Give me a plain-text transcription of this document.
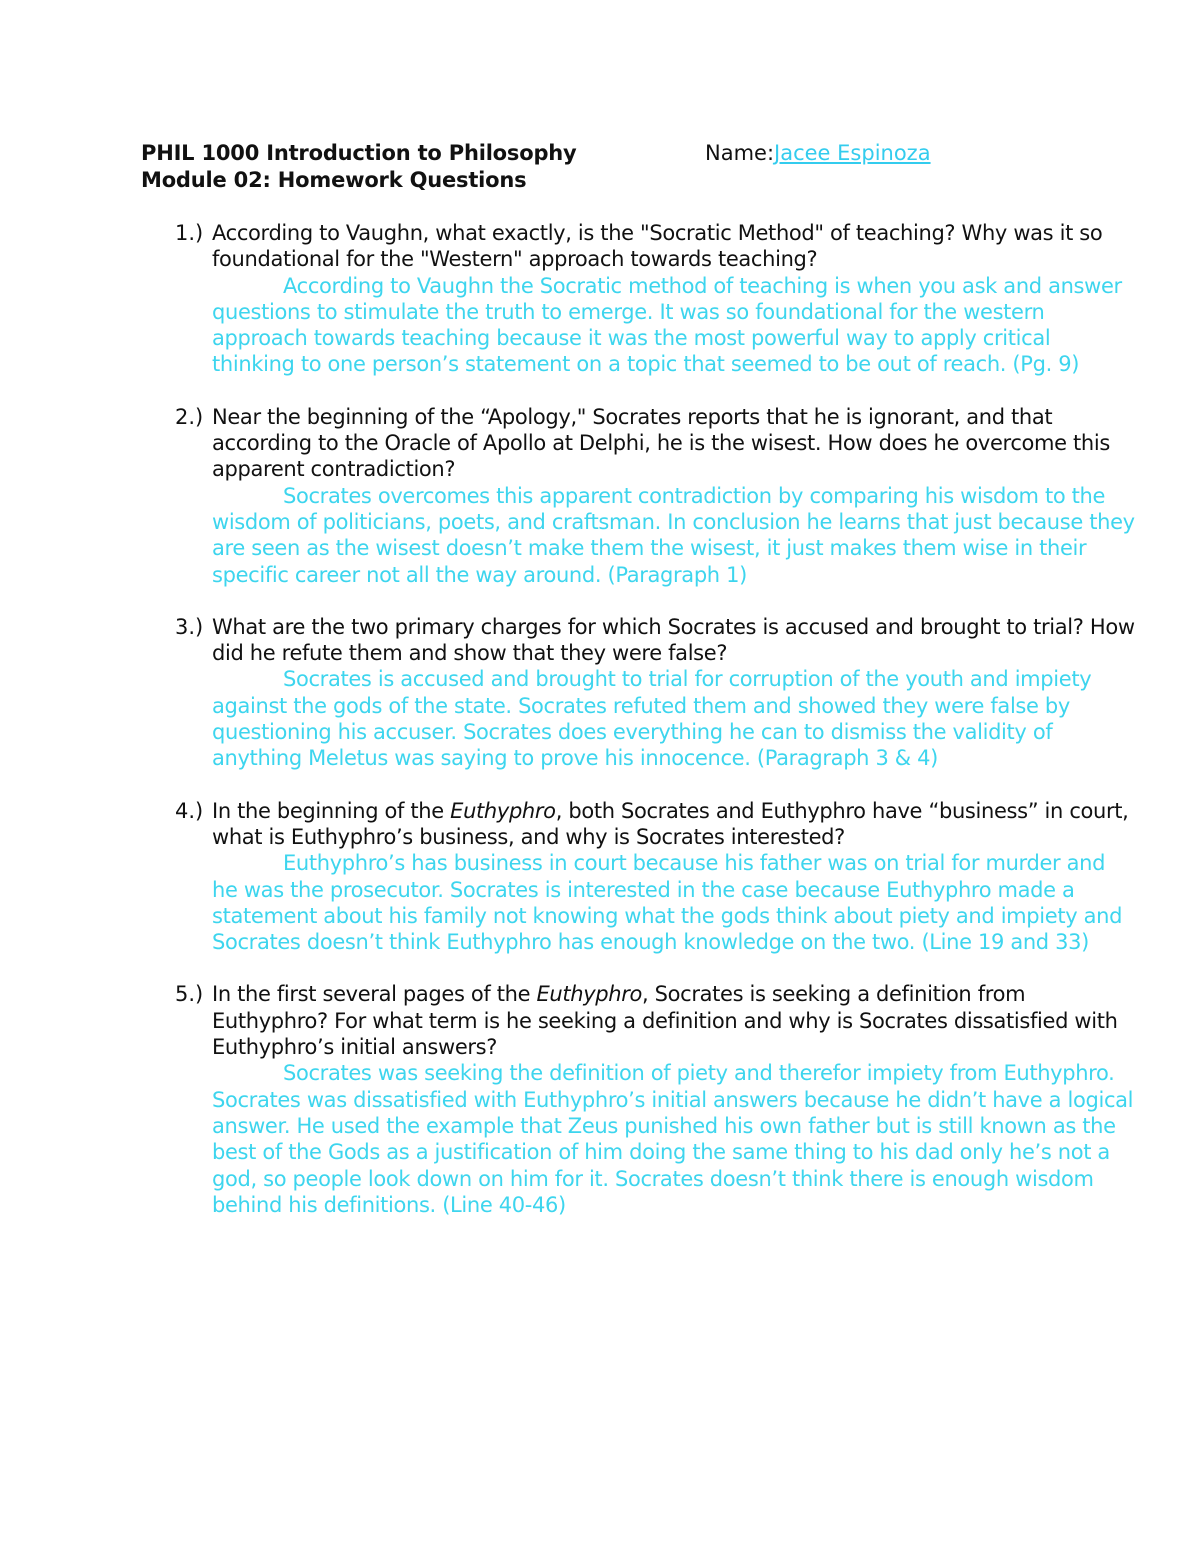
PHIL 1000 Introduction to Philosophy
Module 02: Homework Questions
Name:Jacee Espinoza
1.) According to Vaughn, what exactly, is the "Socratic Method" of teaching? Why was it so foundational for the "Western" approach towards teaching?
According to Vaughn the Socratic method of teaching is when you ask and answer questions to stimulate the truth to emerge. It was so foundational for the western approach towards teaching because it was the most powerful way to apply critical thinking to one person’s statement on a topic that seemed to be out of reach. (Pg. 9)
2.) Near the beginning of the “Apology," Socrates reports that he is ignorant, and that according to the Oracle of Apollo at Delphi, he is the wisest. How does he overcome this apparent contradiction?
Socrates overcomes this apparent contradiction by comparing his wisdom to the wisdom of politicians, poets, and craftsman. In conclusion he learns that just because they are seen as the wisest doesn’t make them the wisest, it just makes them wise in their specific career not all the way around. (Paragraph 1)
3.) What are the two primary charges for which Socrates is accused and brought to trial? How did he refute them and show that they were false?
Socrates is accused and brought to trial for corruption of the youth and impiety against the gods of the state. Socrates refuted them and showed they were false by questioning his accuser. Socrates does everything he can to dismiss the validity of anything Meletus was saying to prove his innocence. (Paragraph 3 & 4)
4.) In the beginning of the Euthyphro, both Socrates and Euthyphro have “business” in court, what is Euthyphro’s business, and why is Socrates interested?
Euthyphro’s has business in court because his father was on trial for murder and he was the prosecutor. Socrates is interested in the case because Euthyphro made a statement about his family not knowing what the gods think about piety and impiety and Socrates doesn’t think Euthyphro has enough knowledge on the two. (Line 19 and 33)
5.) In the first several pages of the Euthyphro, Socrates is seeking a definition from Euthyphro? For what term is he seeking a definition and why is Socrates dissatisfied with Euthyphro’s initial answers?
Socrates was seeking the definition of piety and therefor impiety from Euthyphro. Socrates was dissatisfied with Euthyphro’s initial answers because he didn’t have a logical answer. He used the example that Zeus punished his own father but is still known as the best of the Gods as a justification of him doing the same thing to his dad only he’s not a god, so people look down on him for it. Socrates doesn’t think there is enough wisdom behind his definitions. (Line 40-46)
